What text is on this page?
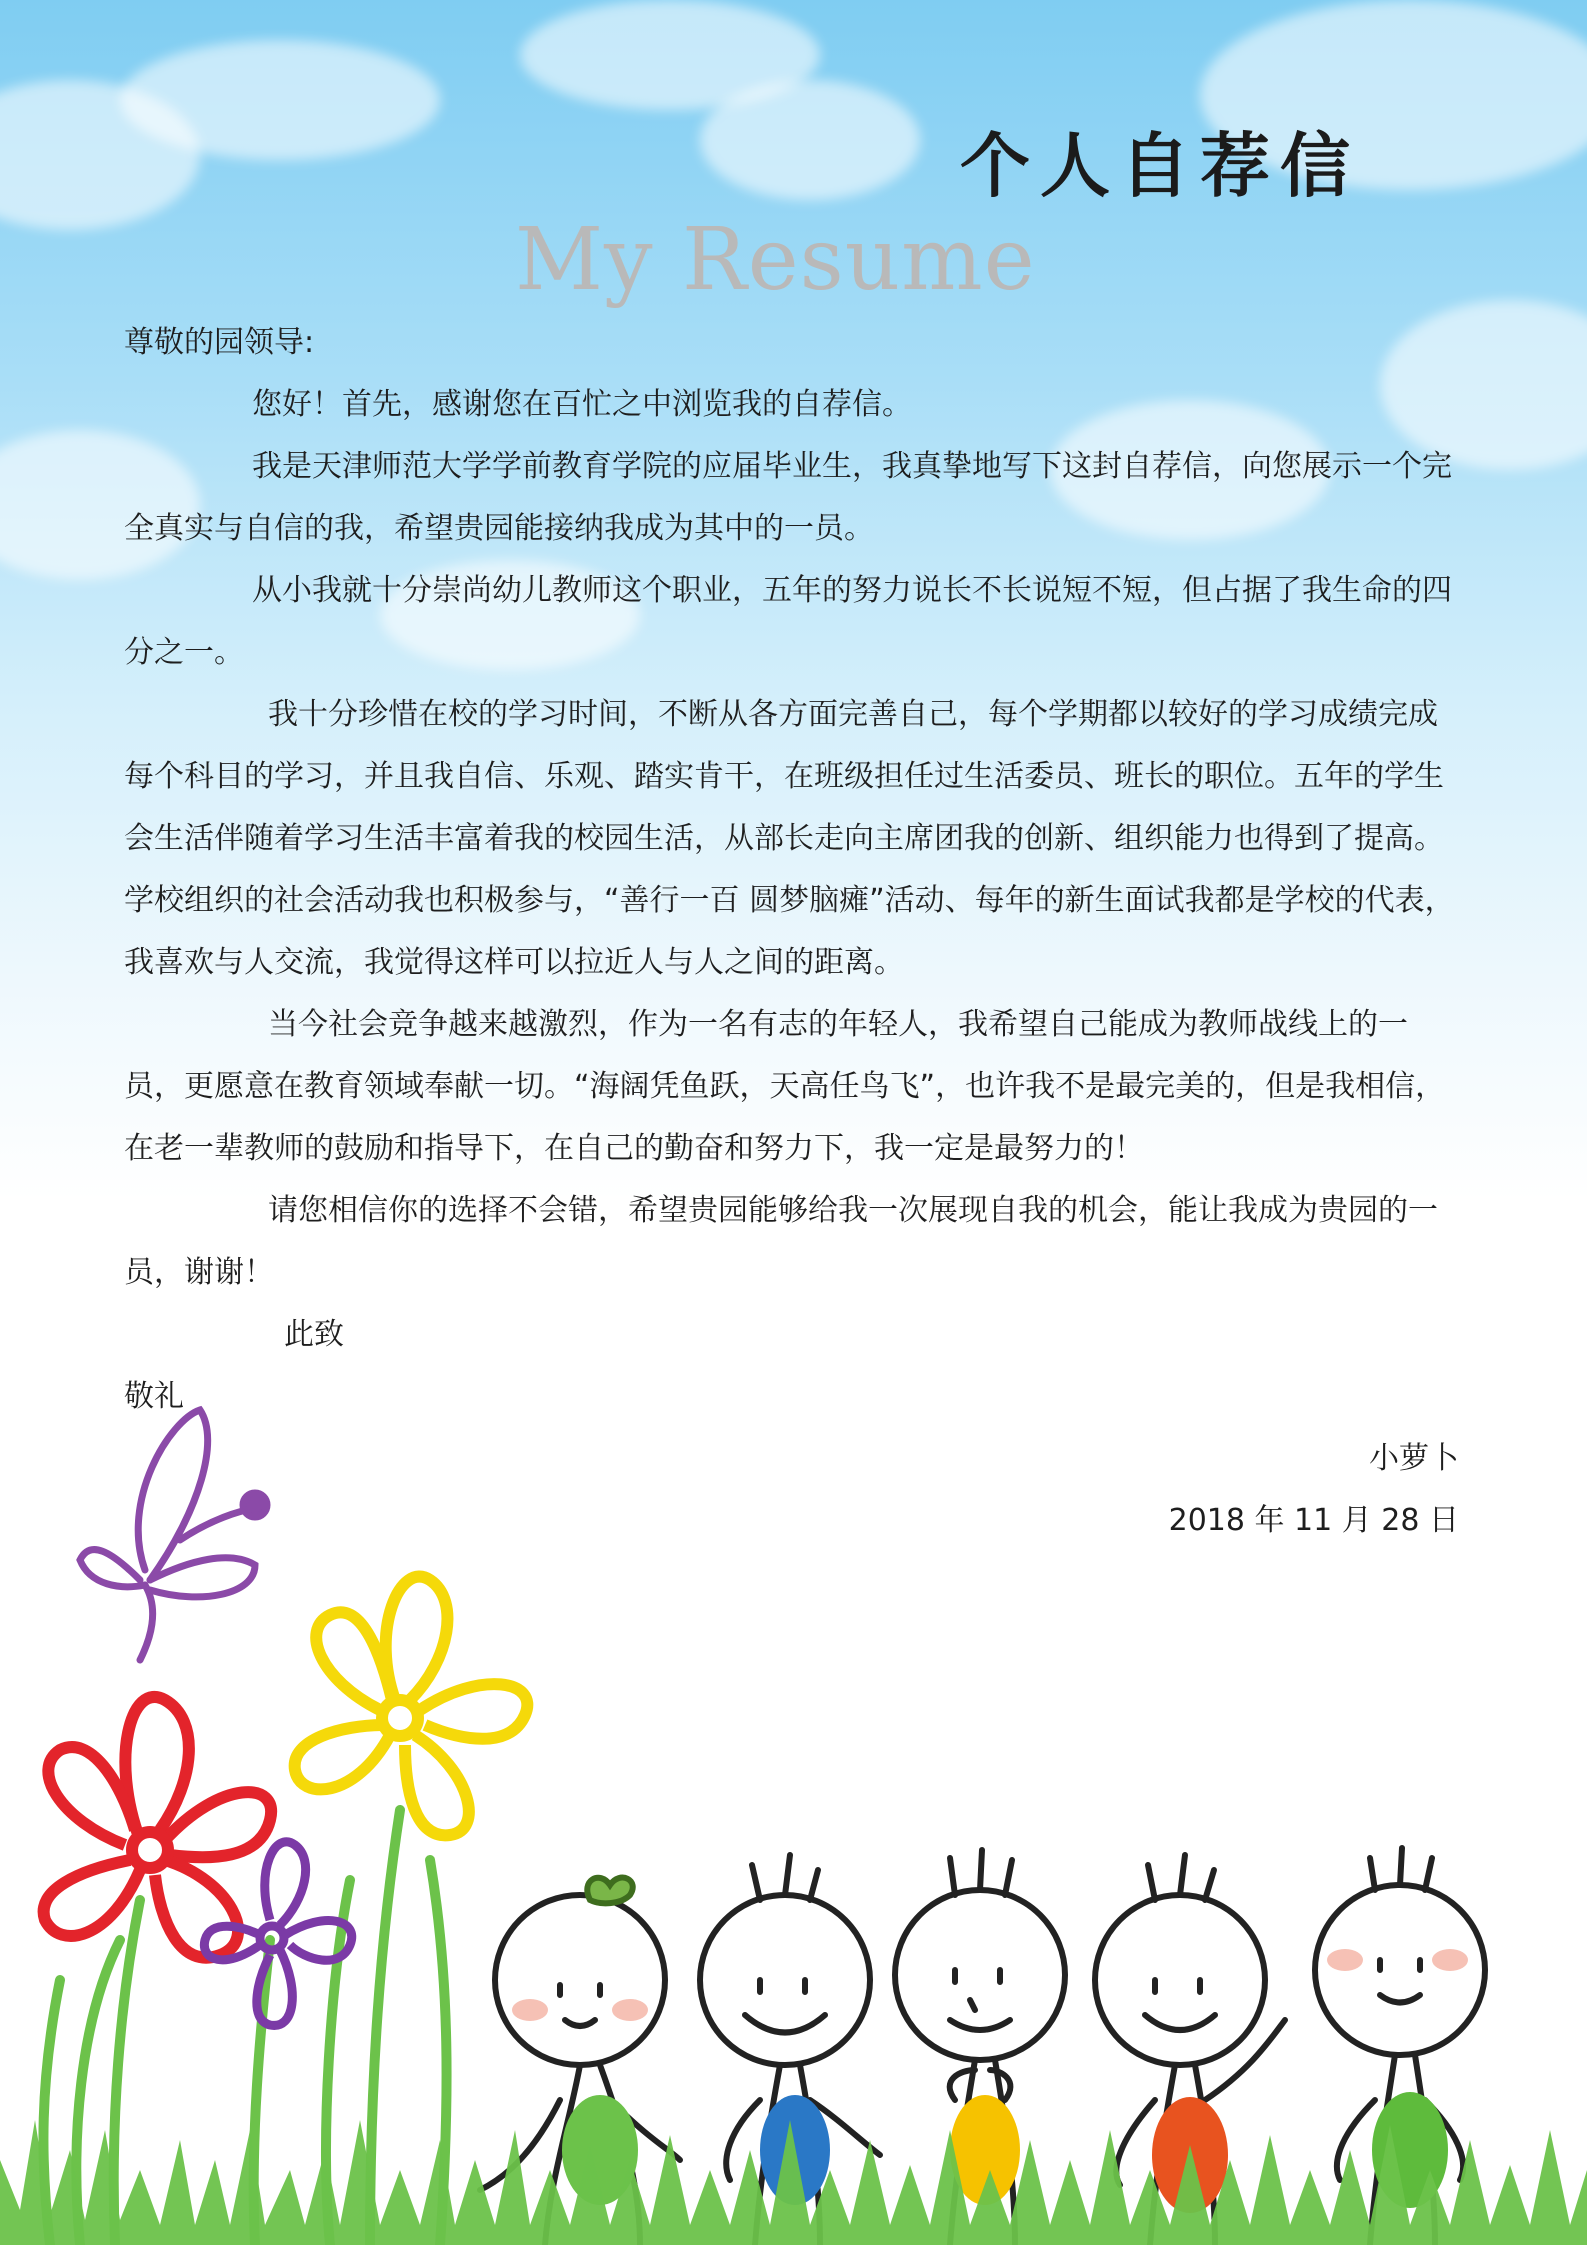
个人自荐信
My Resume

尊敬的园领导:

您好！首先，感谢您在百忙之中浏览我的自荐信。

我是天津师范大学学前教育学院的应届毕业生，我真挚地写下这封自荐信，向您展示一个完全真实与自信的我，希望贵园能接纳我成为其中的一员。

从小我就十分崇尚幼儿教师这个职业，五年的努力说长不长说短不短，但占据了我生命的四分之一。

我十分珍惜在校的学习时间，不断从各方面完善自己，每个学期都以较好的学习成绩完成每个科目的学习，并且我自信、乐观、踏实肯干，在班级担任过生活委员、班长的职位。五年的学生会生活伴随着学习生活丰富着我的校园生活，从部长走向主席团我的创新、组织能力也得到了提高。学校组织的社会活动我也积极参与，“善行一百 圆梦脑瘫”活动、每年的新生面试我都是学校的代表，我喜欢与人交流，我觉得这样可以拉近人与人之间的距离。

当今社会竞争越来越激烈，作为一名有志的年轻人，我希望自己能成为教师战线上的一员，更愿意在教育领域奉献一切。“海阔凭鱼跃，天高任鸟飞”，也许我不是最完美的，但是我相信，在老一辈教师的鼓励和指导下，在自己的勤奋和努力下，我一定是最努力的！

请您相信你的选择不会错，希望贵园能够给我一次展现自我的机会，能让我成为贵园的一员，谢谢！

此致

敬礼

小萝卜

2018 年 11 月 28 日
